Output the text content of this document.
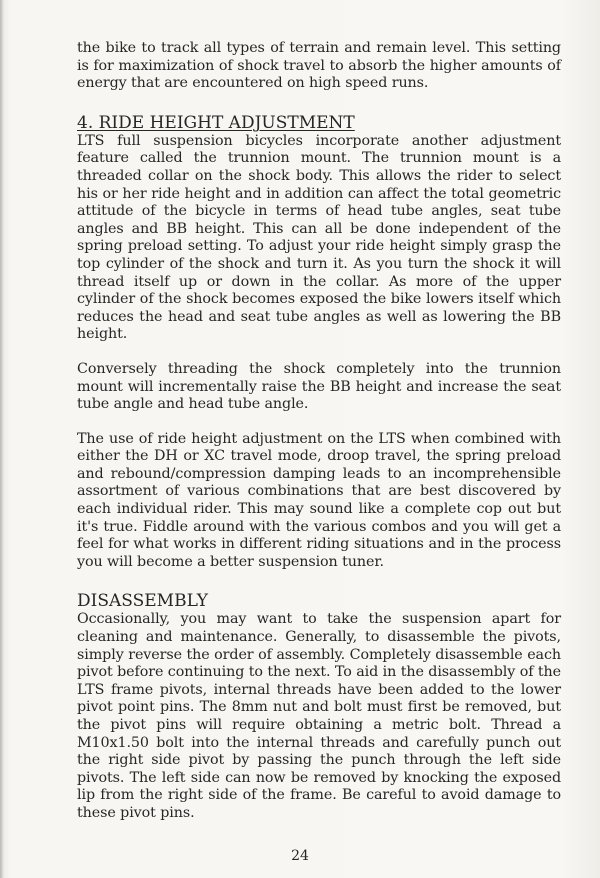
the bike to track all types of terrain and remain level. This setting is for maximization of shock travel to absorb the higher amounts of energy that are encountered on high speed runs.

4. RIDE HEIGHT ADJUSTMENT

LTS full suspension bicycles incorporate another adjustment feature called the trunnion mount. The trunnion mount is a threaded collar on the shock body. This allows the rider to select his or her ride height and in addition can affect the total geometric attitude of the bicycle in terms of head tube angles, seat tube angles and BB height. This can all be done independent of the spring preload setting. To adjust your ride height simply grasp the top cylinder of the shock and turn it. As you turn the shock it will thread itself up or down in the collar. As more of the upper cylinder of the shock becomes exposed the bike lowers itself which reduces the head and seat tube angles as well as lowering the BB height.

Conversely threading the shock completely into the trunnion mount will incrementally raise the BB height and increase the seat tube angle and head tube angle.

The use of ride height adjustment on the LTS when combined with either the DH or XC travel mode, droop travel, the spring preload and rebound/compression damping leads to an incomprehensible assortment of various combinations that are best discovered by each individual rider. This may sound like a complete cop out but it's true. Fiddle around with the various combos and you will get a feel for what works in different riding situations and in the process you will become a better suspension tuner.

DISASSEMBLY

Occasionally, you may want to take the suspension apart for cleaning and maintenance. Generally, to disassemble the pivots, simply reverse the order of assembly. Completely disassemble each pivot before continuing to the next. To aid in the disassembly of the LTS frame pivots, internal threads have been added to the lower pivot point pins. The 8mm nut and bolt must first be removed, but the pivot pins will require obtaining a metric bolt. Thread a M10x1.50 bolt into the internal threads and carefully punch out the right side pivot by passing the punch through the left side pivots. The left side can now be removed by knocking the exposed lip from the right side of the frame. Be careful to avoid damage to these pivot pins.

24
